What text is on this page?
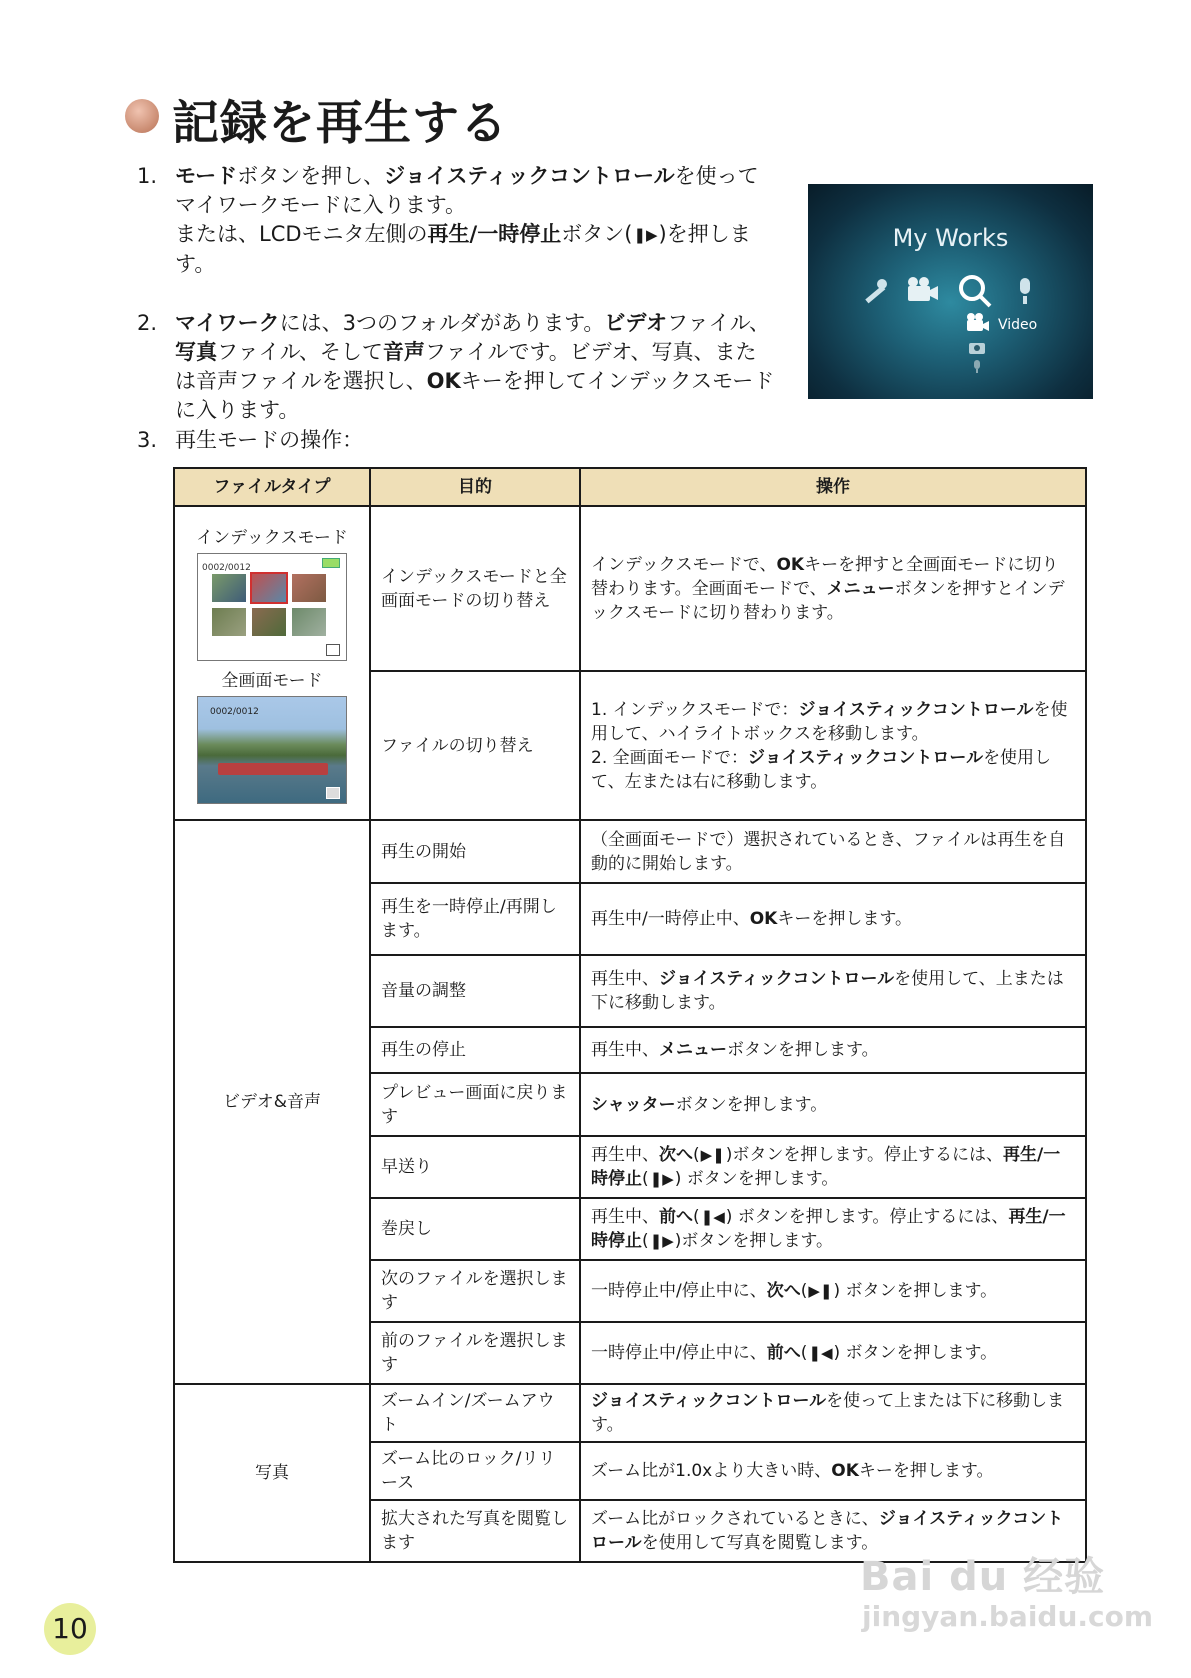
記録を再生する
1. モードボタンを押し、ジョイスティックコントロールを使ってマイワークモードに入ります。
または、LCDモニタ左側の再生/一時停止ボタン(❚▶)を押します。
2. マイワークには、3つのフォルダがあります。ビデオファイル、写真ファイル、そして音声ファイルです。ビデオ、写真、または音声ファイルを選択し、OKキーを押してインデックスモードに入ります。
3. 再生モードの操作：
My Works
Video
ファイルタイプ	目的	操作

インデックスモード
0002/0012
全画面モード
0002/0012	インデックスモードと全画面モードの切り替え	インデックスモードで、OKキーを押すと全画面モードに切り替わります。全画面モードで、メニューボタンを押すとインデックスモードに切り替わります。
	ファイルの切り替え	1. インデックスモードで：ジョイスティックコントロールを使用して、ハイライトボックスを移動します。
2. 全画面モードで：ジョイスティックコントロールを使用して、左または右に移動します。
ビデオ&音声	再生の開始	（全画面モードで）選択されているとき、ファイルは再生を自動的に開始します。
	再生を一時停止/再開します。	再生中/一時停止中、OKキーを押します。
	音量の調整	再生中、ジョイスティックコントロールを使用して、上または下に移動します。
	再生の停止	再生中、メニューボタンを押します。
	プレビュー画面に戻ります	シャッターボタンを押します。
	早送り	再生中、次へ(▶❚)ボタンを押します。停止するには、再生/一時停止(❚▶) ボタンを押します。
	巻戻し	再生中、前へ(❚◀) ボタンを押します。停止するには、再生/一時停止(❚▶)ボタンを押します。
	次のファイルを選択します	一時停止中/停止中に、次へ(▶❚) ボタンを押します。
	前のファイルを選択します	一時停止中/停止中に、前へ(❚◀) ボタンを押します。
写真	ズームイン/ズームアウト	ジョイスティックコントロールを使って上または下に移動します。
	ズーム比のロック/リリース	ズーム比が1.0xより大きい時、OKキーを押します。
	拡大された写真を閲覧します	ズーム比がロックされているときに、ジョイスティックコントロールを使用して写真を閲覧します。
10
Bai du 经验
jingyan.baidu.com
